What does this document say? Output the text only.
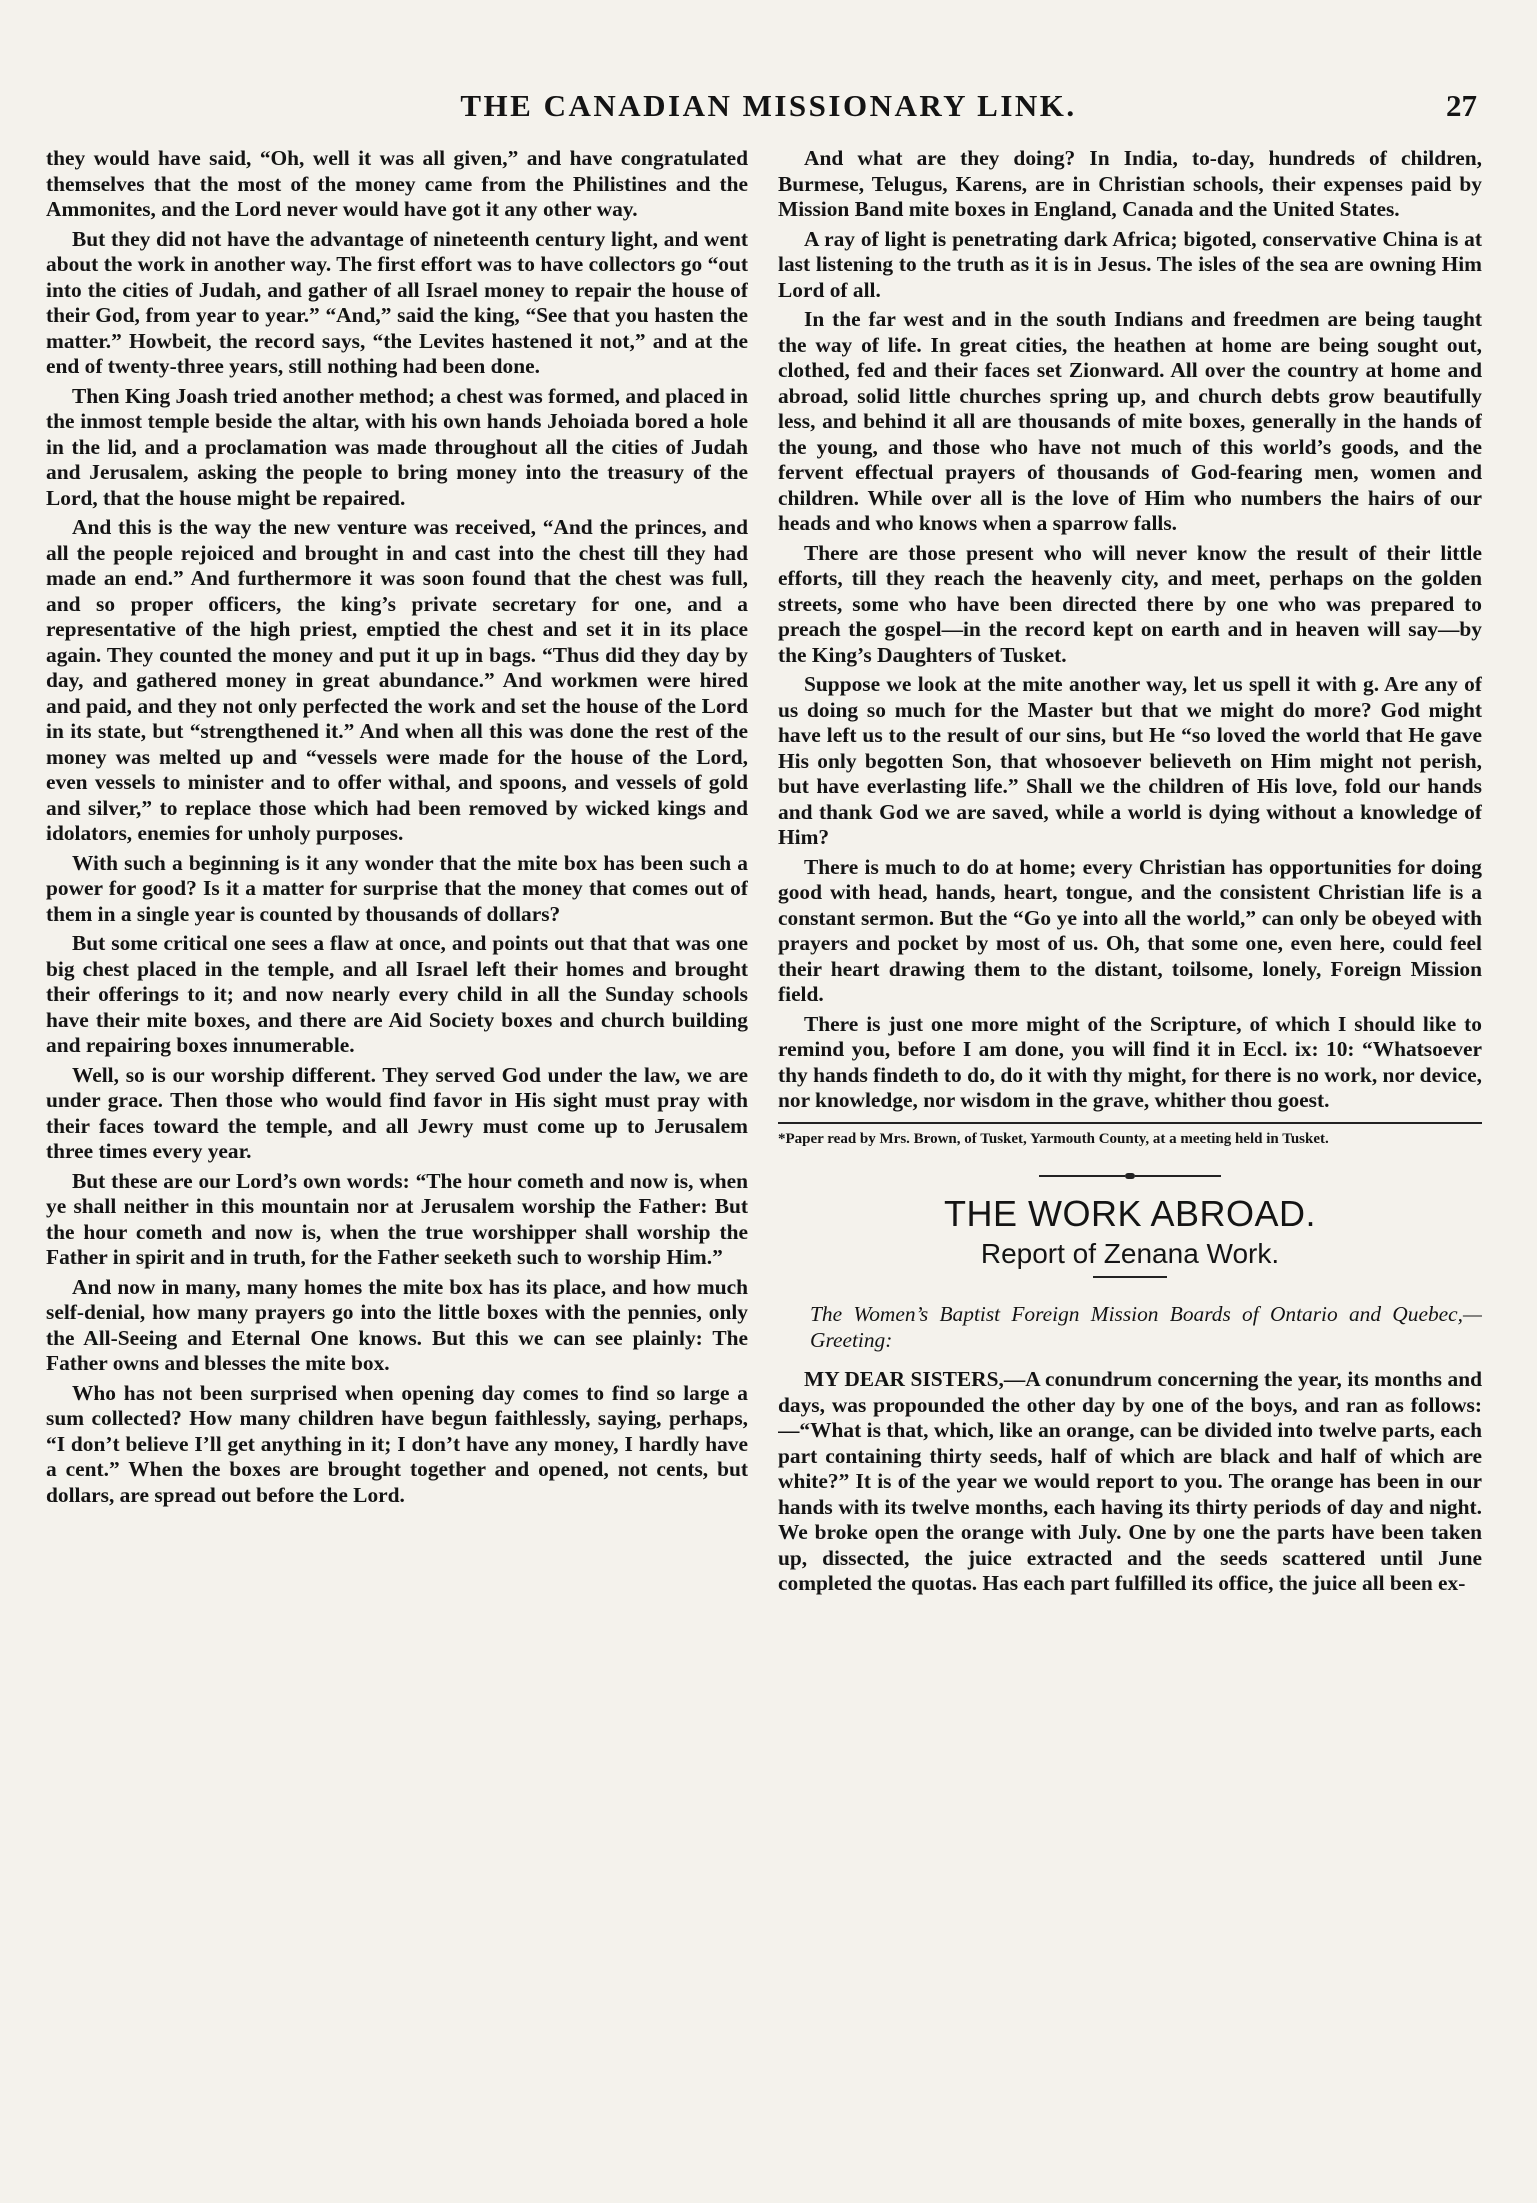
THE CANADIAN MISSIONARY LINK.	27

they would have said, “Oh, well it was all given,” and have congratulated themselves that the most of the money came from the Philistines and the Ammonites, and the Lord never would have got it any other way.

But they did not have the advantage of nineteenth century light, and went about the work in another way. The first effort was to have collectors go “out into the cities of Judah, and gather of all Israel money to repair the house of their God, from year to year.” “And,” said the king, “See that you hasten the matter.” Howbeit, the record says, “the Levites hastened it not,” and at the end of twenty-three years, still nothing had been done.

Then King Joash tried another method; a chest was formed, and placed in the inmost temple beside the altar, with his own hands Jehoiada bored a hole in the lid, and a proclamation was made throughout all the cities of Judah and Jerusalem, asking the people to bring money into the treasury of the Lord, that the house might be repaired.

And this is the way the new venture was received, “And the princes, and all the people rejoiced and brought in and cast into the chest till they had made an end.” And furthermore it was soon found that the chest was full, and so proper officers, the king’s private secretary for one, and a representative of the high priest, emptied the chest and set it in its place again. They counted the money and put it up in bags. “Thus did they day by day, and gathered money in great abundance.” And workmen were hired and paid, and they not only perfected the work and set the house of the Lord in its state, but “strengthened it.” And when all this was done the rest of the money was melted up and “vessels were made for the house of the Lord, even vessels to minister and to offer withal, and spoons, and vessels of gold and silver,” to replace those which had been removed by wicked kings and idolators, enemies for unholy purposes.

With such a beginning is it any wonder that the mite box has been such a power for good? Is it a matter for surprise that the money that comes out of them in a single year is counted by thousands of dollars?

But some critical one sees a flaw at once, and points out that that was one big chest placed in the temple, and all Israel left their homes and brought their offerings to it; and now nearly every child in all the Sunday schools have their mite boxes, and there are Aid Society boxes and church building and repairing boxes innumerable.

Well, so is our worship different. They served God under the law, we are under grace. Then those who would find favor in His sight must pray with their faces toward the temple, and all Jewry must come up to Jerusalem three times every year.

But these are our Lord’s own words: “The hour cometh and now is, when ye shall neither in this mountain nor at Jerusalem worship the Father: But the hour cometh and now is, when the true worshipper shall worship the Father in spirit and in truth, for the Father seeketh such to worship Him.”

And now in many, many homes the mite box has its place, and how much self-denial, how many prayers go into the little boxes with the pennies, only the All-Seeing and Eternal One knows. But this we can see plainly: The Father owns and blesses the mite box.

Who has not been surprised when opening day comes to find so large a sum collected? How many children have begun faithlessly, saying, perhaps, “I don’t believe I’ll get anything in it; I don’t have any money, I hardly have a cent.” When the boxes are brought together and opened, not cents, but dollars, are spread out before the Lord.

And what are they doing? In India, to-day, hundreds of children, Burmese, Telugus, Karens, are in Christian schools, their expenses paid by Mission Band mite boxes in England, Canada and the United States.

A ray of light is penetrating dark Africa; bigoted, conservative China is at last listening to the truth as it is in Jesus. The isles of the sea are owning Him Lord of all.

In the far west and in the south Indians and freedmen are being taught the way of life. In great cities, the heathen at home are being sought out, clothed, fed and their faces set Zionward. All over the country at home and abroad, solid little churches spring up, and church debts grow beautifully less, and behind it all are thousands of mite boxes, generally in the hands of the young, and those who have not much of this world’s goods, and the fervent effectual prayers of thousands of God-fearing men, women and children. While over all is the love of Him who numbers the hairs of our heads and who knows when a sparrow falls.

There are those present who will never know the result of their little efforts, till they reach the heavenly city, and meet, perhaps on the golden streets, some who have been directed there by one who was prepared to preach the gospel—in the record kept on earth and in heaven will say—by the King’s Daughters of Tusket.

Suppose we look at the mite another way, let us spell it with g. Are any of us doing so much for the Master but that we might do more? God might have left us to the result of our sins, but He “so loved the world that He gave His only begotten Son, that whosoever believeth on Him might not perish, but have everlasting life.” Shall we the children of His love, fold our hands and thank God we are saved, while a world is dying without a knowledge of Him?

There is much to do at home; every Christian has opportunities for doing good with head, hands, heart, tongue, and the consistent Christian life is a constant sermon. But the “Go ye into all the world,” can only be obeyed with prayers and pocket by most of us. Oh, that some one, even here, could feel their heart drawing them to the distant, toilsome, lonely, Foreign Mission field.

There is just one more might of the Scripture, of which I should like to remind you, before I am done, you will find it in Eccl. ix: 10: “Whatsoever thy hands findeth to do, do it with thy might, for there is no work, nor device, nor knowledge, nor wisdom in the grave, whither thou goest.

*Paper read by Mrs. Brown, of Tusket, Yarmouth County, at a meeting held in Tusket.
THE WORK ABROAD.
Report of Zenana Work.

The Women’s Baptist Foreign Mission Boards of Ontario and Quebec,—Greeting:

MY DEAR SISTERS,—A conundrum concerning the year, its months and days, was propounded the other day by one of the boys, and ran as follows:—“What is that, which, like an orange, can be divided into twelve parts, each part containing thirty seeds, half of which are black and half of which are white?” It is of the year we would report to you. The orange has been in our hands with its twelve months, each having its thirty periods of day and night. We broke open the orange with July. One by one the parts have been taken up, dissected, the juice extracted and the seeds scattered until June completed the quotas. Has each part fulfilled its office, the juice all been ex-
